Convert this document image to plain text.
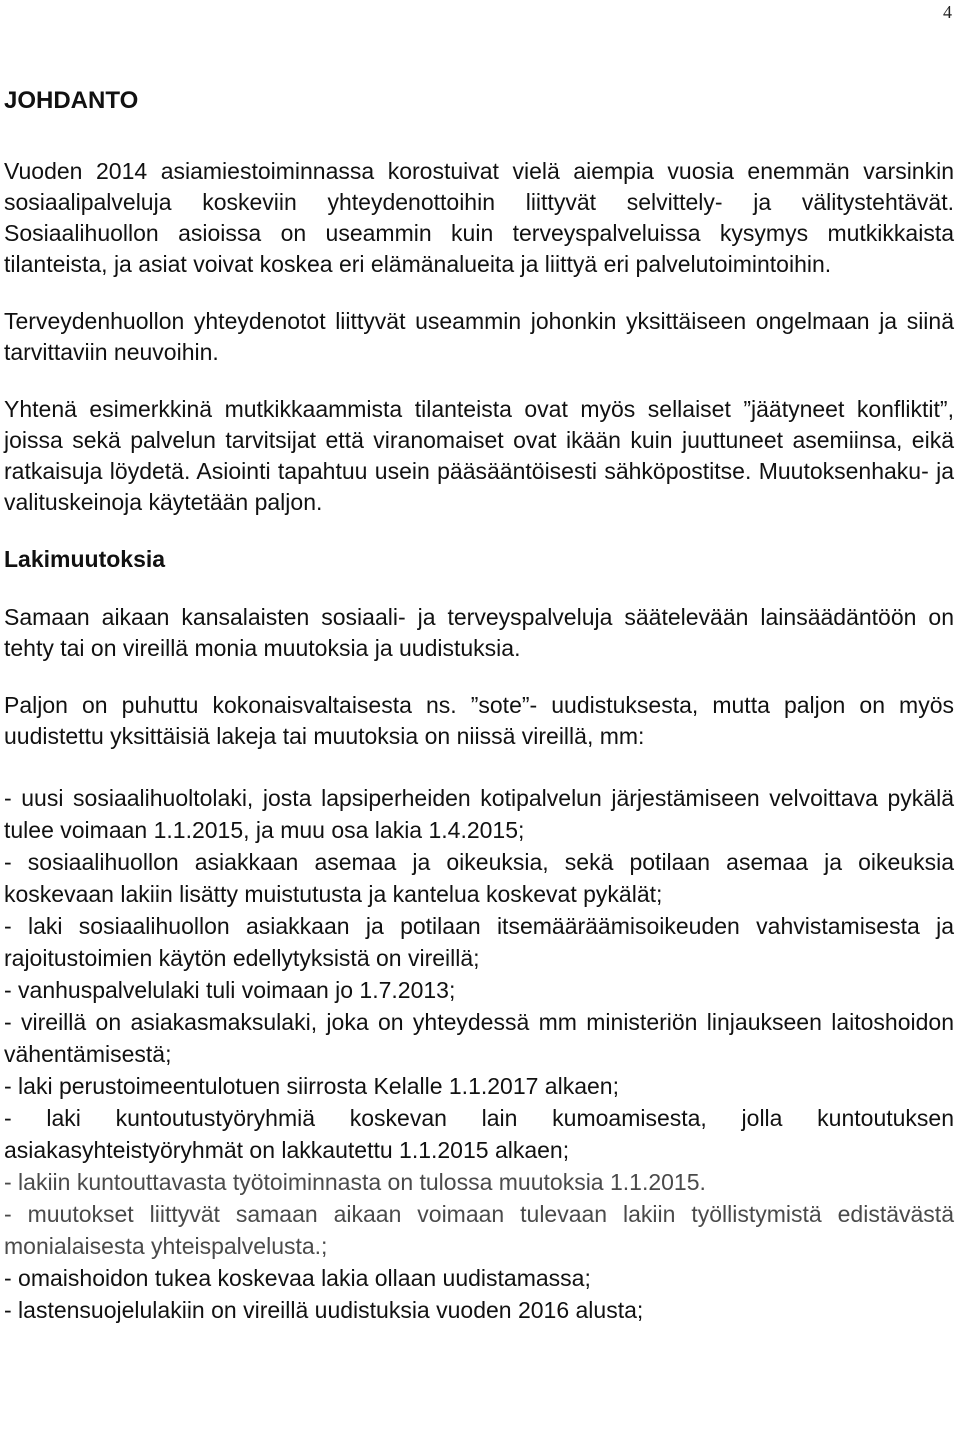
4
JOHDANTO

Vuoden 2014 asiamiestoiminnassa korostuivat vielä aiempia vuosia enemmän varsinkin sosiaalipalveluja koskeviin yhteydenottoihin liittyvät selvittely- ja välitystehtävät. Sosiaalihuollon asioissa on useammin kuin terveyspalveluissa kysymys mutkikkaista tilanteista, ja asiat voivat koskea eri elämänalueita ja liittyä eri palvelutoimintoihin.

Terveydenhuollon yhteydenotot liittyvät useammin johonkin yksittäiseen ongelmaan ja siinä tarvittaviin neuvoihin.

Yhtenä esimerkkinä mutkikkaammista tilanteista ovat myös sellaiset ”jäätyneet konfliktit”, joissa sekä palvelun tarvitsijat että viranomaiset ovat ikään kuin juuttuneet asemiinsa, eikä ratkaisuja löydetä. Asiointi tapahtuu usein pääsääntöisesti sähköpostitse. Muutoksenhaku- ja valituskeinoja käytetään paljon.

Lakimuutoksia

Samaan aikaan kansalaisten sosiaali- ja terveyspalveluja säätelevään lainsäädäntöön on tehty tai on vireillä monia muutoksia ja uudistuksia.

Paljon on puhuttu kokonaisvaltaisesta ns. ”sote”- uudistuksesta, mutta paljon on myös uudistettu yksittäisiä lakeja tai muutoksia on niissä vireillä, mm:

- uusi sosiaalihuoltolaki, josta lapsiperheiden kotipalvelun järjestämiseen velvoittava pykälä tulee voimaan 1.1.2015, ja muu osa lakia 1.4.2015;
- sosiaalihuollon asiakkaan asemaa ja oikeuksia, sekä potilaan asemaa ja oikeuksia koskevaan lakiin lisätty muistutusta ja kantelua koskevat pykälät;
- laki sosiaalihuollon asiakkaan ja potilaan itsemääräämisoikeuden vahvistamisesta ja rajoitustoimien käytön edellytyksistä on vireillä;
- vanhuspalvelulaki tuli voimaan jo 1.7.2013;
- vireillä on asiakasmaksulaki, joka on yhteydessä mm ministeriön linjaukseen laitoshoidon vähentämisestä;
- laki perustoimeentulotuen siirrosta Kelalle 1.1.2017 alkaen;
- laki kuntoutustyöryhmiä koskevan lain kumoamisesta, jolla kuntoutuksen asiakasyhteistyöryhmät on lakkautettu 1.1.2015 alkaen;
- lakiin kuntouttavasta työtoiminnasta on tulossa muutoksia 1.1.2015.
- muutokset liittyvät samaan aikaan voimaan tulevaan lakiin työllistymistä edistävästä monialaisesta yhteispalvelusta.;
- omaishoidon tukea koskevaa lakia ollaan uudistamassa;
- lastensuojelulakiin on vireillä uudistuksia vuoden 2016 alusta;
